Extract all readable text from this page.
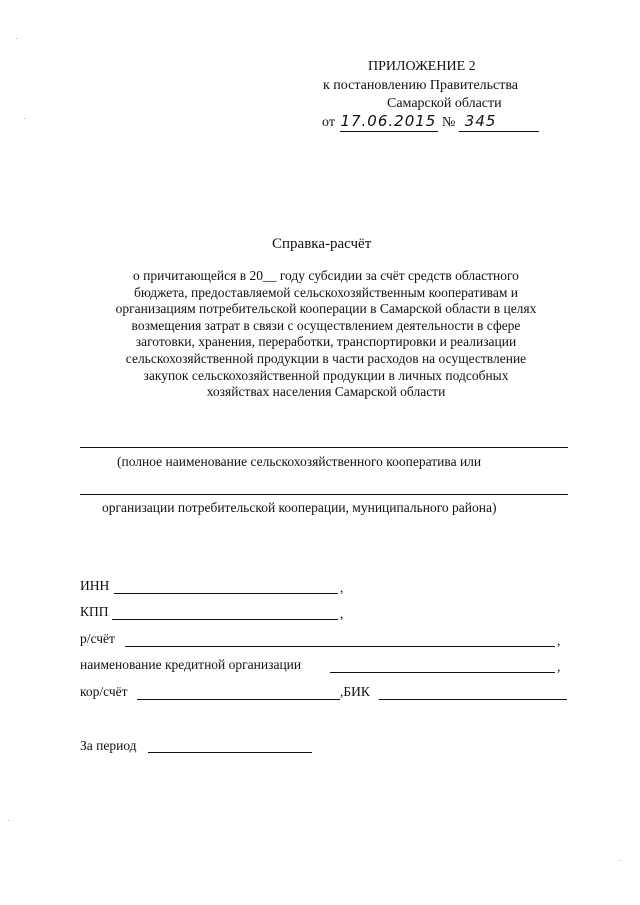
ПРИЛОЖЕНИЕ 2
к постановлению Правительства
Самарской области
от 17.06.2015 № 345
Справка-расчёт
о причитающейся в 20__ году субсидии за счёт средств областного
бюджета, предоставляемой сельскохозяйственным кооперативам и
организациям потребительской кооперации в Самарской области в целях
возмещения затрат в связи с осуществлением деятельности в сфере
заготовки, хранения, переработки, транспортировки и реализации
сельскохозяйственной продукции в части расходов на осуществление
закупок сельскохозяйственной продукции в личных подсобных
хозяйствах населения Самарской области
(полное наименование сельскохозяйственного кооператива или
организации потребительской кооперации, муниципального района)
ИНН	,
КПП	,
р/счёт	,
наименование кредитной организации	,
кор/счёт	,БИК
За период
